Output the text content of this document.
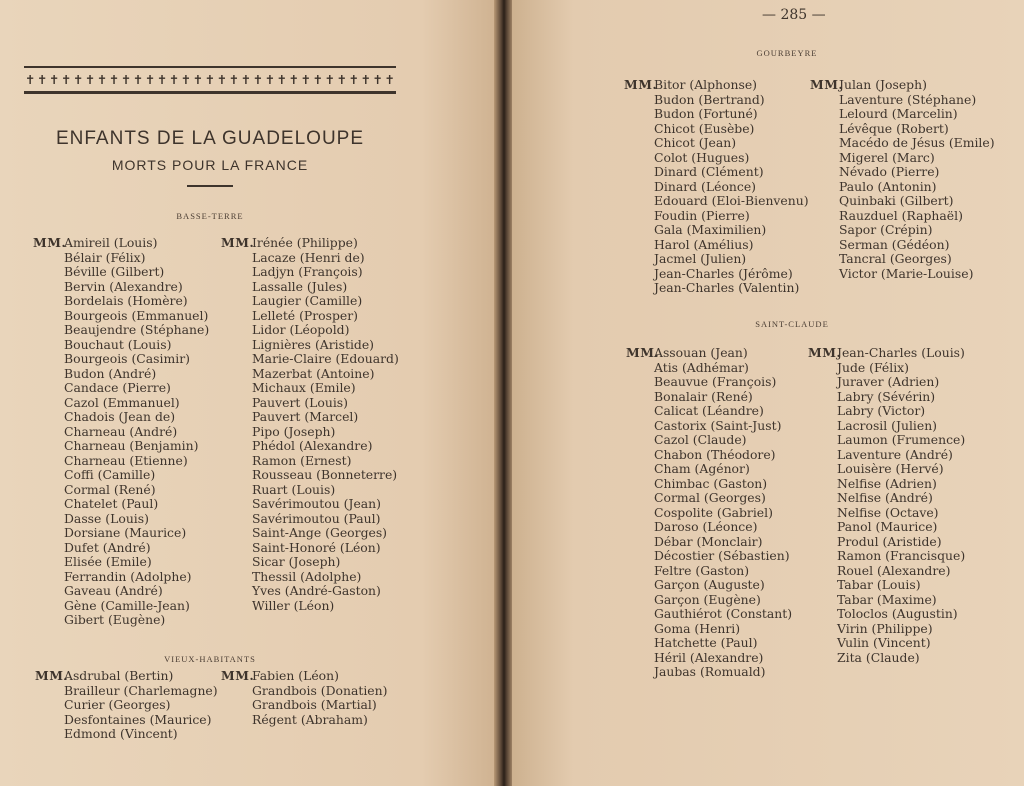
✝ ✝ ✝ ✝ ✝ ✝ ✝ ✝ ✝ ✝ ✝ ✝ ✝ ✝ ✝ ✝ ✝ ✝ ✝ ✝ ✝ ✝ ✝ ✝ ✝ ✝ ✝ ✝ ✝ ✝ ✝
ENFANTS DE LA GUADELOUPE
MORTS POUR LA FRANCE
BASSE-TERRE
MM.
Amireil (Louis)
Bélair (Félix)
Béville (Gilbert)
Bervin (Alexandre)
Bordelais (Homère)
Bourgeois (Emmanuel)
Beaujendre (Stéphane)
Bouchaut (Louis)
Bourgeois (Casimir)
Budon (André)
Candace (Pierre)
Cazol (Emmanuel)
Chadois (Jean de)
Charneau (André)
Charneau (Benjamin)
Charneau (Etienne)
Coffi (Camille)
Cormal (René)
Chatelet (Paul)
Dasse (Louis)
Dorsiane (Maurice)
Dufet (André)
Elisée (Emile)
Ferrandin (Adolphe)
Gaveau (André)
Gène (Camille-Jean)
Gibert (Eugène)
MM.
Irénée (Philippe)
Lacaze (Henri de)
Ladjyn (François)
Lassalle (Jules)
Laugier (Camille)
Lelleté (Prosper)
Lidor (Léopold)
Lignières (Aristide)
Marie-Claire (Edouard)
Mazerbat (Antoine)
Michaux (Emile)
Pauvert (Louis)
Pauvert (Marcel)
Pipo (Joseph)
Phédol (Alexandre)
Ramon (Ernest)
Rousseau (Bonneterre)
Ruart (Louis)
Savérimoutou (Jean)
Savérimoutou (Paul)
Saint-Ange (Georges)
Saint-Honoré (Léon)
Sicar (Joseph)
Thessil (Adolphe)
Yves (André-Gaston)
Willer (Léon)
VIEUX-HABITANTS
MM.
Asdrubal (Bertin)
Brailleur (Charlemagne)
Curier (Georges)
Desfontaines (Maurice)
Edmond (Vincent)
MM.
Fabien (Léon)
Grandbois (Donatien)
Grandbois (Martial)
Régent (Abraham)
— 285 —
GOURBEYRE
MM.
Bitor (Alphonse)
Budon (Bertrand)
Budon (Fortuné)
Chicot (Eusèbe)
Chicot (Jean)
Colot (Hugues)
Dinard (Clément)
Dinard (Léonce)
Edouard (Eloi-Bienvenu)
Foudin (Pierre)
Gala (Maximilien)
Harol (Amélius)
Jacmel (Julien)
Jean-Charles (Jérôme)
Jean-Charles (Valentin)
MM.
Julan (Joseph)
Laventure (Stéphane)
Lelourd (Marcelin)
Lévêque (Robert)
Macédo de Jésus (Emile)
Migerel (Marc)
Névado (Pierre)
Paulo (Antonin)
Quinbaki (Gilbert)
Rauzduel (Raphaël)
Sapor (Crépin)
Serman (Gédéon)
Tancral (Georges)
Victor (Marie-Louise)
SAINT-CLAUDE
MM.
Assouan (Jean)
Atis (Adhémar)
Beauvue (François)
Bonalair (René)
Calicat (Léandre)
Castorix (Saint-Just)
Cazol (Claude)
Chabon (Théodore)
Cham (Agénor)
Chimbac (Gaston)
Cormal (Georges)
Cospolite (Gabriel)
Daroso (Léonce)
Débar (Monclair)
Décostier (Sébastien)
Feltre (Gaston)
Garçon (Auguste)
Garçon (Eugène)
Gauthiérot (Constant)
Goma (Henri)
Hatchette (Paul)
Héril (Alexandre)
Jaubas (Romuald)
MM.
Jean-Charles (Louis)
Jude (Félix)
Juraver (Adrien)
Labry (Sévérin)
Labry (Victor)
Lacrosil (Julien)
Laumon (Frumence)
Laventure (André)
Louisère (Hervé)
Nelfise (Adrien)
Nelfise (André)
Nelfise (Octave)
Panol (Maurice)
Produl (Aristide)
Ramon (Francisque)
Rouel (Alexandre)
Tabar (Louis)
Tabar (Maxime)
Toloclos (Augustin)
Virin (Philippe)
Vulin (Vincent)
Zita (Claude)
